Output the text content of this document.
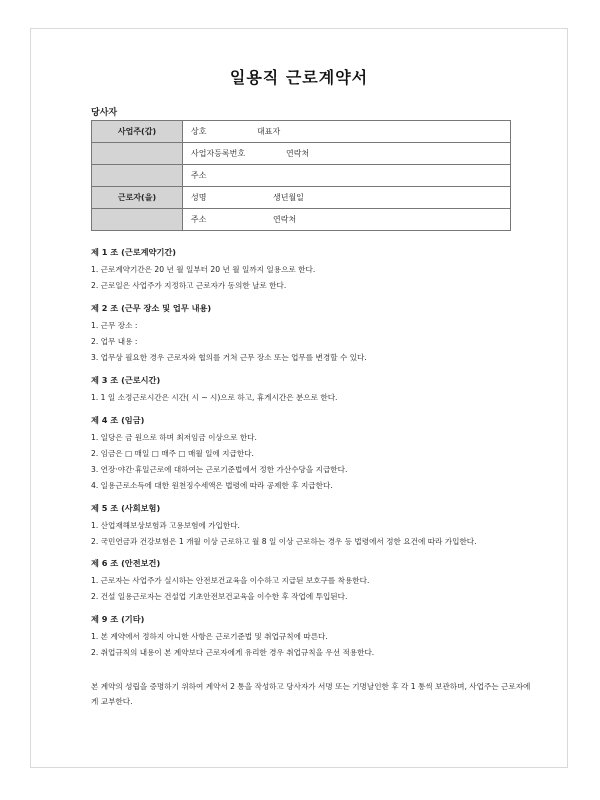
일용직 근로계약서
당사자
사업주(갑)	상호 대표자
	사업자등록번호 연락처
	주소
근로자(을)	성명 생년월일
	주소 연락처
제 1 조 (근로계약기간)
1. 근로계약기간은 20 년 월 일부터 20 년 월 일까지 일용으로 한다.
2. 근로일은 사업주가 지정하고 근로자가 동의한 날로 한다.
제 2 조 (근무 장소 및 업무 내용)
1. 근무 장소 :
2. 업무 내용 :
3. 업무상 필요한 경우 근로자와 협의를 거쳐 근무 장소 또는 업무를 변경할 수 있다.
제 3 조 (근로시간)
1. 1 일 소정근로시간은 시간( 시 ~ 시)으로 하고, 휴게시간은 분으로 한다.
제 4 조 (임금)
1. 일당은 금 원으로 하며 최저임금 이상으로 한다.
2. 임금은 □ 매일 □ 매주 □ 매월 일에 지급한다.
3. 연장·야간·휴일근로에 대하여는 근로기준법에서 정한 가산수당을 지급한다.
4. 일용근로소득에 대한 원천징수세액은 법령에 따라 공제한 후 지급한다.
제 5 조 (사회보험)
1. 산업재해보상보험과 고용보험에 가입한다.
2. 국민연금과 건강보험은 1 개월 이상 근로하고 월 8 일 이상 근로하는 경우 등 법령에서 정한 요건에 따라 가입한다.
제 6 조 (안전보건)
1. 근로자는 사업주가 실시하는 안전보건교육을 이수하고 지급된 보호구를 착용한다.
2. 건설 일용근로자는 건설업 기초안전보건교육을 이수한 후 작업에 투입된다.
제 9 조 (기타)
1. 본 계약에서 정하지 아니한 사항은 근로기준법 및 취업규칙에 따른다.
2. 취업규칙의 내용이 본 계약보다 근로자에게 유리한 경우 취업규칙을 우선 적용한다.
본 계약의 성립을 증명하기 위하여 계약서 2 통을 작성하고 당사자가 서명 또는 기명날인한 후 각 1 통씩 보관하며, 사업주는 근로자에게 교부한다.
